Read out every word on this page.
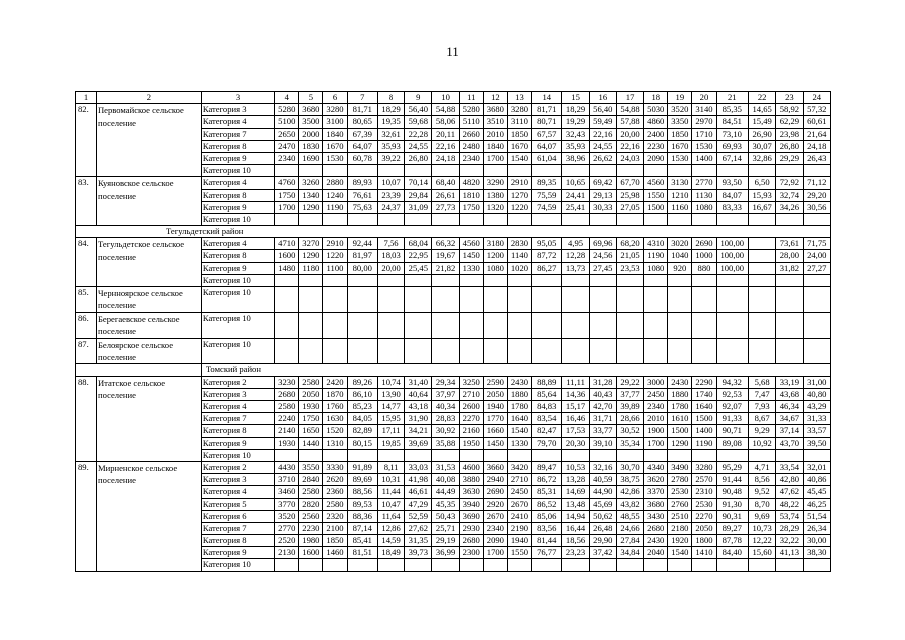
11
1	2	3	4	5	6	7	8	9	10	11	12	13	14	15	16	17	18	19	20	21	22	23	24
82.	Первомайское сельское поселение	Категория 3	5280	3680	3280	81,71	18,29	56,40	54,88	5280	3680	3280	81,71	18,29	56,40	54,88	5030	3520	3140	85,35	14,65	58,92	57,32
		Категория 4	5100	3500	3100	80,65	19,35	59,68	58,06	5110	3510	3110	80,71	19,29	59,49	57,88	4860	3350	2970	84,51	15,49	62,29	60,61
		Категория 7	2650	2000	1840	67,39	32,61	22,28	20,11	2660	2010	1850	67,57	32,43	22,16	20,00	2400	1850	1710	73,10	26,90	23,98	21,64
		Категория 8	2470	1830	1670	64,07	35,93	24,55	22,16	2480	1840	1670	64,07	35,93	24,55	22,16	2230	1670	1530	69,93	30,07	26,80	24,18
		Категория 9	2340	1690	1530	60,78	39,22	26,80	24,18	2340	1700	1540	61,04	38,96	26,62	24,03	2090	1530	1400	67,14	32,86	29,29	26,43
		Категория 10																					
83.	Куяновское сельское поселение	Категория 4	4760	3260	2880	89,93	10,07	70,14	68,40	4820	3290	2910	89,35	10,65	69,42	67,70	4560	3130	2770	93,50	6,50	72,92	71,12
		Категория 8	1750	1340	1240	76,61	23,39	29,84	26,61	1810	1380	1270	75,59	24,41	29,13	25,98	1550	1210	1130	84,07	15,93	32,74	29,20
		Категория 9	1700	1290	1190	75,63	24,37	31,09	27,73	1750	1320	1220	74,59	25,41	30,33	27,05	1500	1160	1080	83,33	16,67	34,26	30,56
		Категория 10																					
Тегульдетский район																							
84.	Тегульдетское сельское поселение	Категория 4	4710	3270	2910	92,44	7,56	68,04	66,32	4560	3180	2830	95,05	4,95	69,96	68,20	4310	3020	2690	100,00		73,61	71,75
		Категория 8	1600	1290	1220	81,97	18,03	22,95	19,67	1450	1200	1140	87,72	12,28	24,56	21,05	1190	1040	1000	100,00		28,00	24,00
		Категория 9	1480	1180	1100	80,00	20,00	25,45	21,82	1330	1080	1020	86,27	13,73	27,45	23,53	1080	920	880	100,00		31,82	27,27
		Категория 10																					
85.	Чернноярское сельское поселение	Категория 10																					
86.	Берегаевское сельское поселение	Категория 10																					
87.	Белоярское сельское поселение	Категория 10																					
		Томский район																					
88.	Итатское сельское поселение	Категория 2	3230	2580	2420	89,26	10,74	31,40	29,34	3250	2590	2430	88,89	11,11	31,28	29,22	3000	2430	2290	94,32	5,68	33,19	31,00
		Категория 3	2680	2050	1870	86,10	13,90	40,64	37,97	2710	2050	1880	85,64	14,36	40,43	37,77	2450	1880	1740	92,53	7,47	43,68	40,80
		Категория 4	2580	1930	1760	85,23	14,77	43,18	40,34	2600	1940	1780	84,83	15,17	42,70	39,89	2340	1780	1640	92,07	7,93	46,34	43,29
		Категория 7	2240	1750	1630	84,05	15,95	31,90	28,83	2270	1770	1640	83,54	16,46	31,71	28,66	2010	1610	1500	91,33	8,67	34,67	31,33
		Категория 8	2140	1650	1520	82,89	17,11	34,21	30,92	2160	1660	1540	82,47	17,53	33,77	30,52	1900	1500	1400	90,71	9,29	37,14	33,57
		Категория 9	1930	1440	1310	80,15	19,85	39,69	35,88	1950	1450	1330	79,70	20,30	39,10	35,34	1700	1290	1190	89,08	10,92	43,70	39,50
		Категория 10																					
89.	Мирненское сельское поселение	Категория 2	4430	3550	3330	91,89	8,11	33,03	31,53	4600	3660	3420	89,47	10,53	32,16	30,70	4340	3490	3280	95,29	4,71	33,54	32,01
		Категория 3	3710	2840	2620	89,69	10,31	41,98	40,08	3880	2940	2710	86,72	13,28	40,59	38,75	3620	2780	2570	91,44	8,56	42,80	40,86
		Категория 4	3460	2580	2360	88,56	11,44	46,61	44,49	3630	2690	2450	85,31	14,69	44,90	42,86	3370	2530	2310	90,48	9,52	47,62	45,45
		Категория 5	3770	2820	2580	89,53	10,47	47,29	45,35	3940	2920	2670	86,52	13,48	45,69	43,82	3680	2760	2530	91,30	8,70	48,22	46,25
		Категория 6	3520	2560	2320	88,36	11,64	52,59	50,43	3690	2670	2410	85,06	14,94	50,62	48,55	3430	2510	2270	90,31	9,69	53,74	51,54
		Категория 7	2770	2230	2100	87,14	12,86	27,62	25,71	2930	2340	2190	83,56	16,44	26,48	24,66	2680	2180	2050	89,27	10,73	28,29	26,34
		Категория 8	2520	1980	1850	85,41	14,59	31,35	29,19	2680	2090	1940	81,44	18,56	29,90	27,84	2430	1920	1800	87,78	12,22	32,22	30,00
		Категория 9	2130	1600	1460	81,51	18,49	39,73	36,99	2300	1700	1550	76,77	23,23	37,42	34,84	2040	1540	1410	84,40	15,60	41,13	38,30
		Категория 10																					
